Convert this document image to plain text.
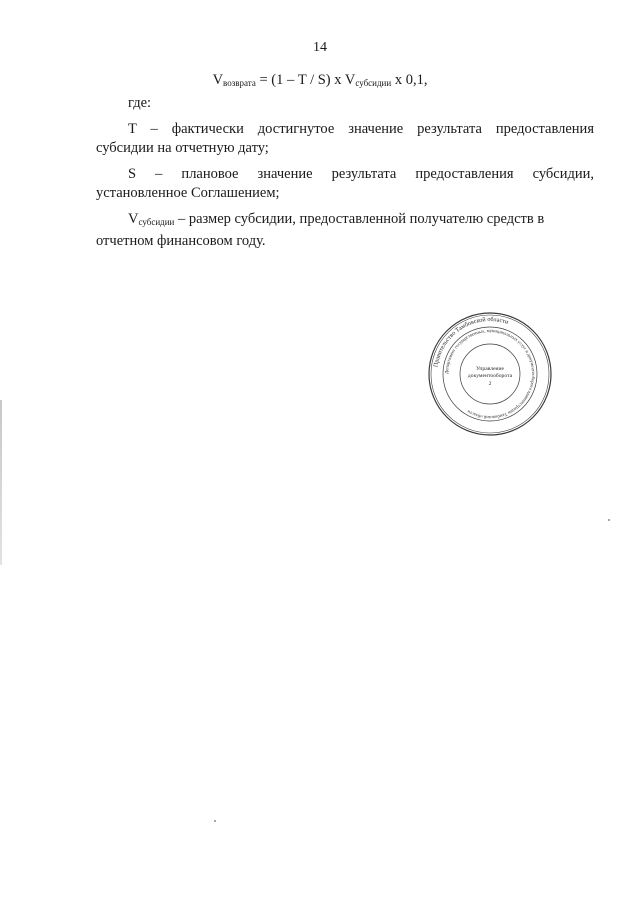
14
$V_{возврата} = (1 - T / S)$ x $V_{субсидии}$ x 0,1,

где:

T – фактически достигнутое значение результата предоставления

субсидии на отчетную дату;

S – плановое значение результата предоставления субсидии,

установленное Соглашением;

$V_{субсидии}$ – размер субсидии, предоставленной получателю средств в

отчетном финансовом году.

Правительство Тамбовской области
Департамент государственных, муниципальных услуг и документооборота администрации Тамбовской области
Управление
документооборота
2
